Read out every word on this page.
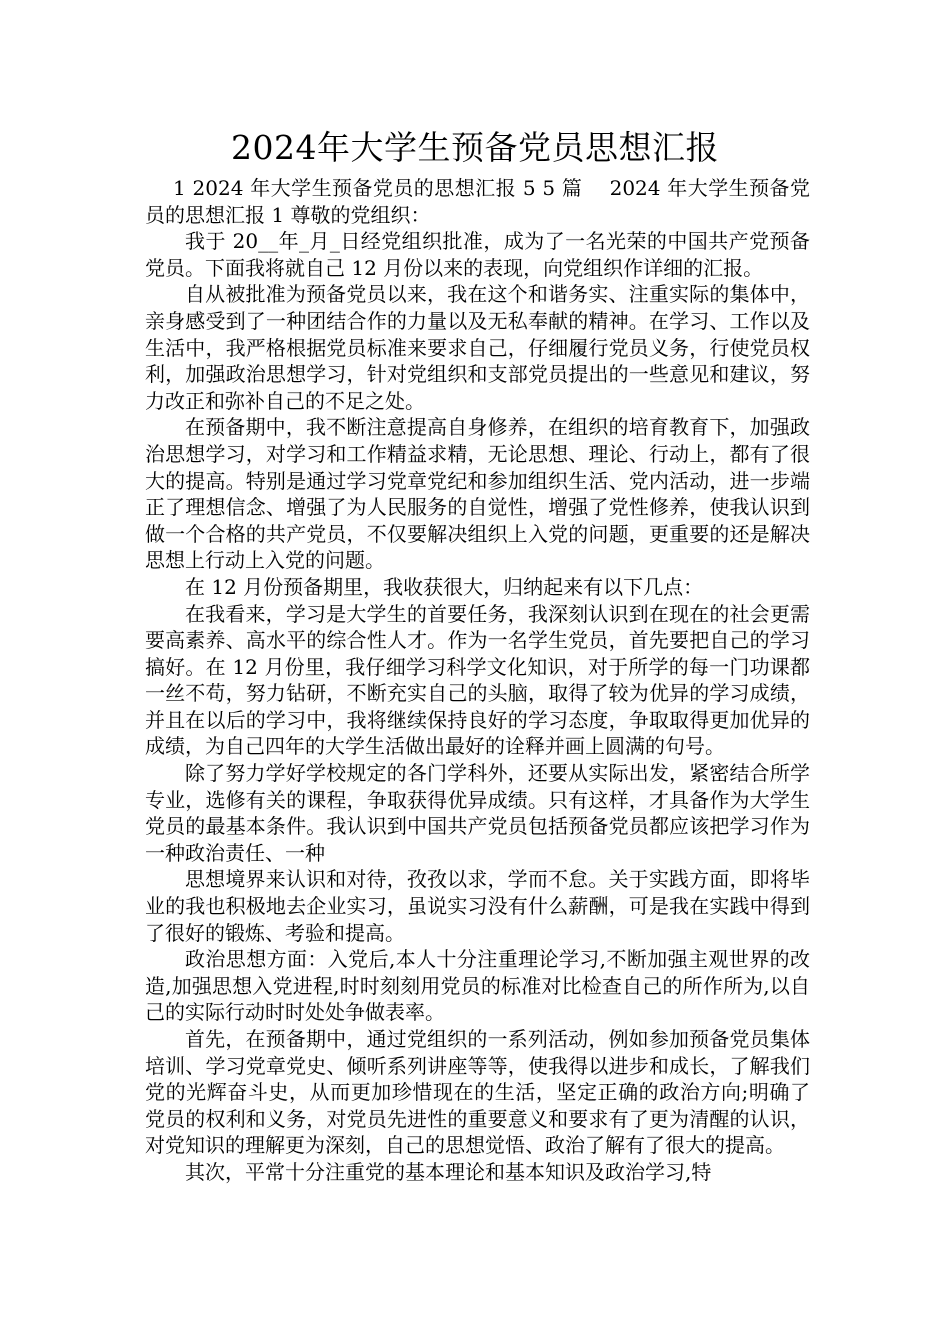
2024年大学生预备党员思想汇报

1 2024 年大学生预备党员的思想汇报 5 5 篇　 2024 年大学生预备党员的思想汇报 1 尊敬的党组织：

我于 20__年_月_日经党组织批准，成为了一名光荣的中国共产党预备党员。下面我将就自己 12 月份以来的表现，向党组织作详细的汇报。

自从被批准为预备党员以来，我在这个和谐务实、注重实际的集体中，亲身感受到了一种团结合作的力量以及无私奉献的精神。在学习、工作以及生活中，我严格根据党员标准来要求自己，仔细履行党员义务，行使党员权利，加强政治思想学习，针对党组织和支部党员提出的一些意见和建议，努力改正和弥补自己的不足之处。

在预备期中，我不断注意提高自身修养，在组织的培育教育下，加强政治思想学习，对学习和工作精益求精，无论思想、理论、行动上，都有了很大的提高。特别是通过学习党章党纪和参加组织生活、党内活动，进一步端正了理想信念、增强了为人民服务的自觉性，增强了党性修养，使我认识到做一个合格的共产党员，不仅要解决组织上入党的问题，更重要的还是解决思想上行动上入党的问题。

在 12 月份预备期里，我收获很大，归纳起来有以下几点：

在我看来，学习是大学生的首要任务，我深刻认识到在现在的社会更需要高素养、高水平的综合性人才。作为一名学生党员，首先要把自己的学习搞好。在 12 月份里，我仔细学习科学文化知识，对于所学的每一门功课都一丝不苟，努力钻研，不断充实自己的头脑，取得了较为优异的学习成绩，并且在以后的学习中，我将继续保持良好的学习态度，争取取得更加优异的成绩，为自己四年的大学生活做出最好的诠释并画上圆满的句号。

除了努力学好学校规定的各门学科外，还要从实际出发，紧密结合所学专业，选修有关的课程，争取获得优异成绩。只有这样，才具备作为大学生党员的最基本条件。我认识到中国共产党员包括预备党员都应该把学习作为一种政治责任、一种

思想境界来认识和对待，孜孜以求，学而不怠。关于实践方面，即将毕业的我也积极地去企业实习，虽说实习没有什么薪酬，可是我在实践中得到了很好的锻炼、考验和提高。

政治思想方面：入党后,本人十分注重理论学习,不断加强主观世界的改造,加强思想入党进程,时时刻刻用党员的标准对比检查自己的所作所为,以自己的实际行动时时处处争做表率。

首先，在预备期中，通过党组织的一系列活动，例如参加预备党员集体培训、学习党章党史、倾听系列讲座等等，使我得以进步和成长，了解我们党的光辉奋斗史，从而更加珍惜现在的生活，坚定正确的政治方向;明确了党员的权利和义务，对党员先进性的重要意义和要求有了更为清醒的认识，对党知识的理解更为深刻，自己的思想觉悟、政治了解有了很大的提高。

其次，平常十分注重党的基本理论和基本知识及政治学习,特
